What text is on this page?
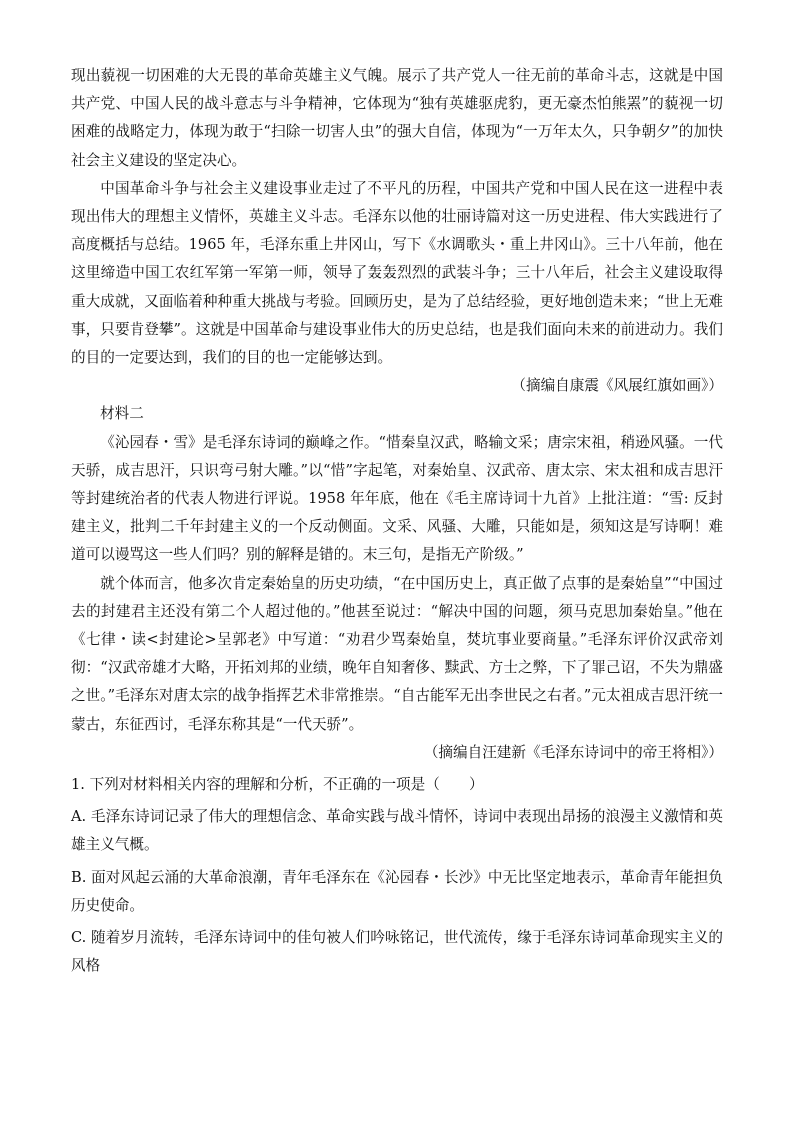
现出藐视一切困难的大无畏的革命英雄主义气魄。展示了共产党人一往无前的革命斗志，这就是中国共产党、中国人民的战斗意志与斗争精神，它体现为“独有英雄驱虎豹，更无豪杰怕熊罴”的藐视一切困难的战略定力，体现为敢于“扫除一切害人虫”的强大自信，体现为“一万年太久，只争朝夕”的加快社会主义建设的坚定决心。

中国革命斗争与社会主义建设事业走过了不平凡的历程，中国共产党和中国人民在这一进程中表现出伟大的理想主义情怀，英雄主义斗志。毛泽东以他的壮丽诗篇对这一历史进程、伟大实践进行了高度概括与总结。1965 年，毛泽东重上井冈山，写下《水调歌头・重上井冈山》。三十八年前，他在这里缔造中国工农红军第一军第一师，领导了轰轰烈烈的武装斗争；三十八年后，社会主义建设取得重大成就，又面临着种种重大挑战与考验。回顾历史，是为了总结经验，更好地创造未来；“世上无难事，只要肯登攀”。这就是中国革命与建设事业伟大的历史总结，也是我们面向未来的前进动力。我们的目的一定要达到，我们的目的也一定能够达到。

（摘编自康震《风展红旗如画》）

材料二

《沁园春・雪》是毛泽东诗词的巅峰之作。“惜秦皇汉武，略输文采；唐宗宋祖，稍逊风骚。一代天骄，成吉思汗，只识弯弓射大雕。”以“惜”字起笔，对秦始皇、汉武帝、唐太宗、宋太祖和成吉思汗等封建统治者的代表人物进行评说。1958 年年底，他在《毛主席诗词十九首》上批注道：“雪: 反封建主义，批判二千年封建主义的一个反动侧面。文采、风骚、大雕，只能如是，须知这是写诗啊！难道可以谩骂这一些人们吗？别的解释是错的。末三句，是指无产阶级。”

就个体而言，他多次肯定秦始皇的历史功绩，“在中国历史上，真正做了点事的是秦始皇”“中国过去的封建君主还没有第二个人超过他的。”他甚至说过：“解决中国的问题，须马克思加秦始皇。”他在《七律・读<封建论>呈郭老》中写道：“劝君少骂秦始皇，焚坑事业要商量。”毛泽东评价汉武帝刘彻：“汉武帝雄才大略，开拓刘邦的业绩，晚年自知奢侈、黩武、方士之弊，下了罪己诏，不失为鼎盛之世。”毛泽东对唐太宗的战争指挥艺术非常推崇。“自古能军无出李世民之右者。”元太祖成吉思汗统一蒙古，东征西讨，毛泽东称其是“一代天骄”。

（摘编自汪建新《毛泽东诗词中的帝王将相》）

1. 下列对材料相关内容的理解和分析，不正确的一项是（　　）

A. 毛泽东诗词记录了伟大的理想信念、革命实践与战斗情怀，诗词中表现出昂扬的浪漫主义激情和英雄主义气概。

B. 面对风起云涌的大革命浪潮，青年毛泽东在《沁园春・长沙》中无比坚定地表示，革命青年能担负历史使命。

C. 随着岁月流转，毛泽东诗词中的佳句被人们吟咏铭记，世代流传，缘于毛泽东诗词革命现实主义的风格
